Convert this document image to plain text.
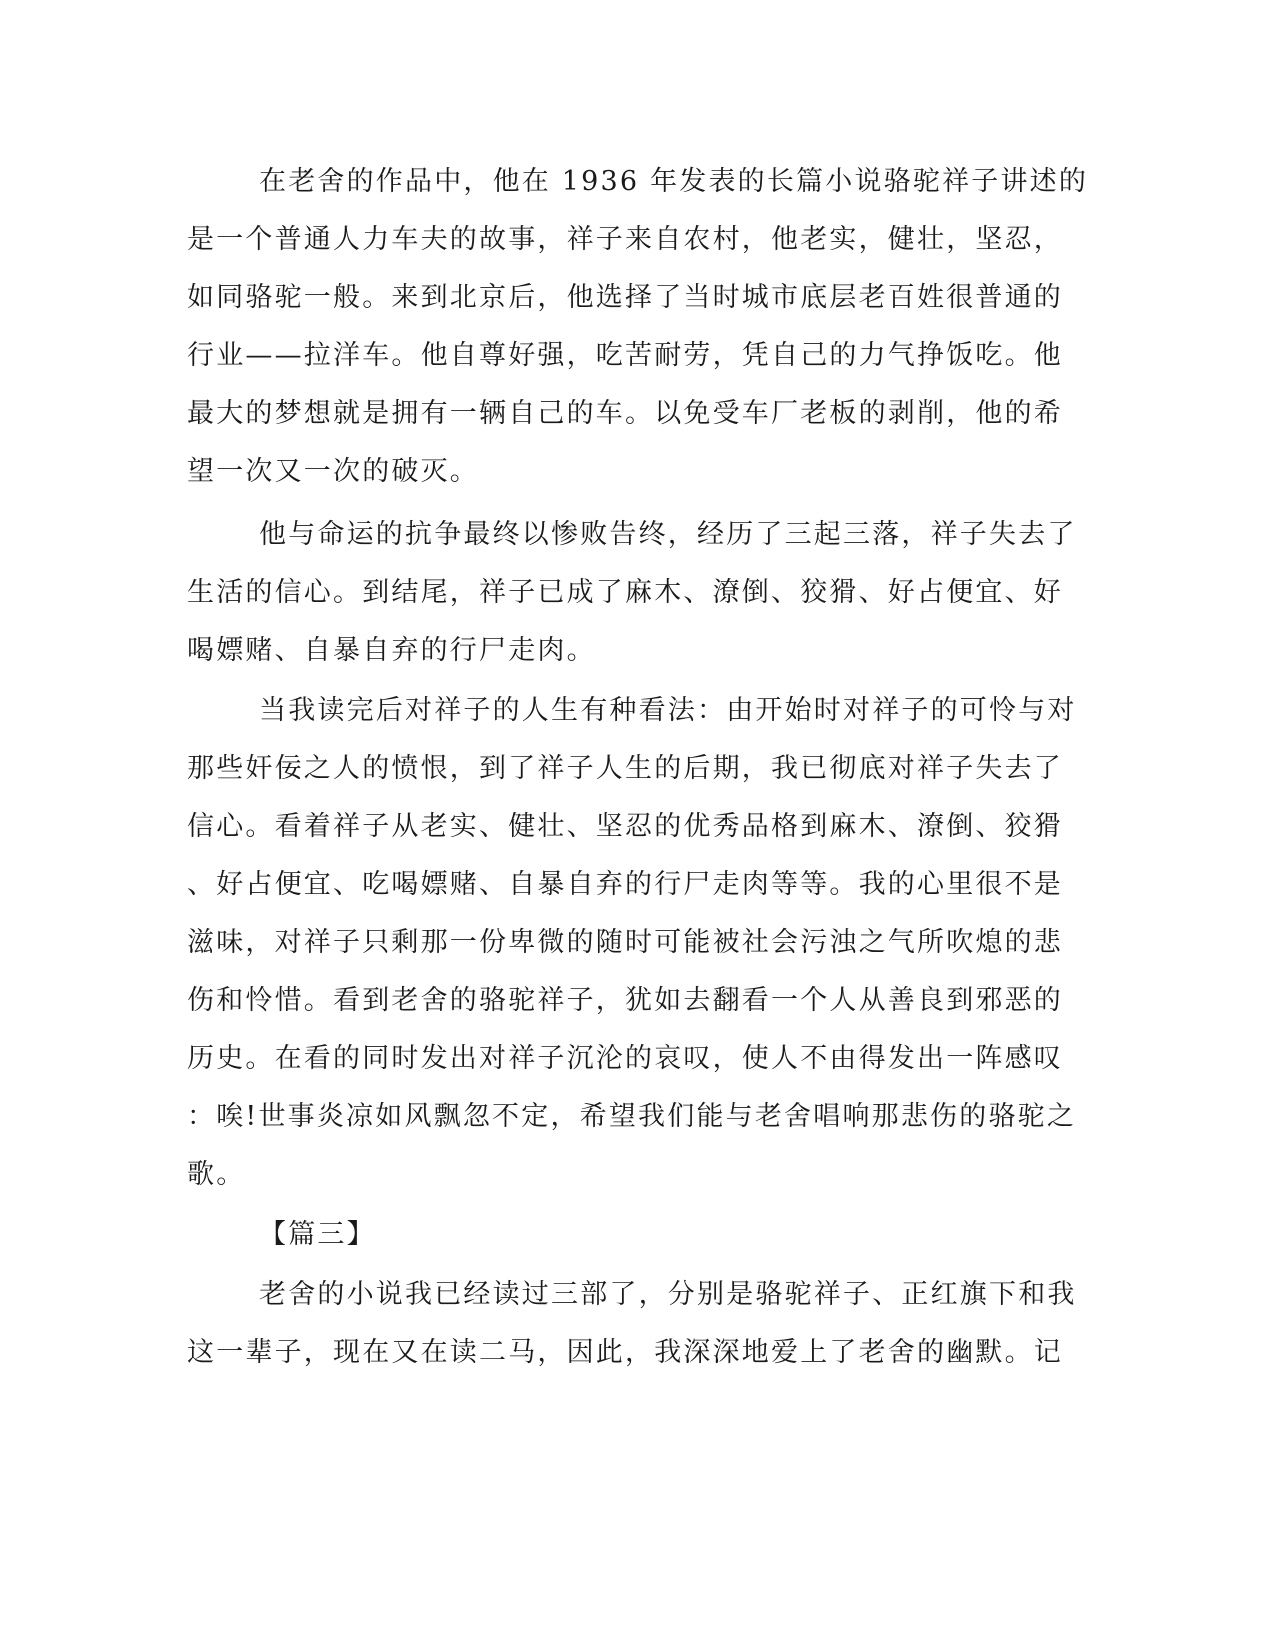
在老舍的作品中，他在 1936 年发表的长篇小说骆驼祥子讲述的

是一个普通人力车夫的故事，祥子来自农村，他老实，健壮，坚忍，

如同骆驼一般。来到北京后，他选择了当时城市底层老百姓很普通的

行业——拉洋车。他自尊好强，吃苦耐劳，凭自己的力气挣饭吃。他

最大的梦想就是拥有一辆自己的车。以免受车厂老板的剥削，他的希

望一次又一次的破灭。

他与命运的抗争最终以惨败告终，经历了三起三落，祥子失去了

生活的信心。到结尾，祥子已成了麻木、潦倒、狡猾、好占便宜、好

喝嫖赌、自暴自弃的行尸走肉。

当我读完后对祥子的人生有种看法：由开始时对祥子的可怜与对

那些奸佞之人的愤恨，到了祥子人生的后期，我已彻底对祥子失去了

信心。看着祥子从老实、健壮、坚忍的优秀品格到麻木、潦倒、狡猾

、好占便宜、吃喝嫖赌、自暴自弃的行尸走肉等等。我的心里很不是

滋味，对祥子只剩那一份卑微的随时可能被社会污浊之气所吹熄的悲

伤和怜惜。看到老舍的骆驼祥子，犹如去翻看一个人从善良到邪恶的

历史。在看的同时发出对祥子沉沦的哀叹，使人不由得发出一阵感叹

：唉!世事炎凉如风飘忽不定，希望我们能与老舍唱响那悲伤的骆驼之

歌。

【篇三】

老舍的小说我已经读过三部了，分别是骆驼祥子、正红旗下和我

这一辈子，现在又在读二马，因此，我深深地爱上了老舍的幽默。记
